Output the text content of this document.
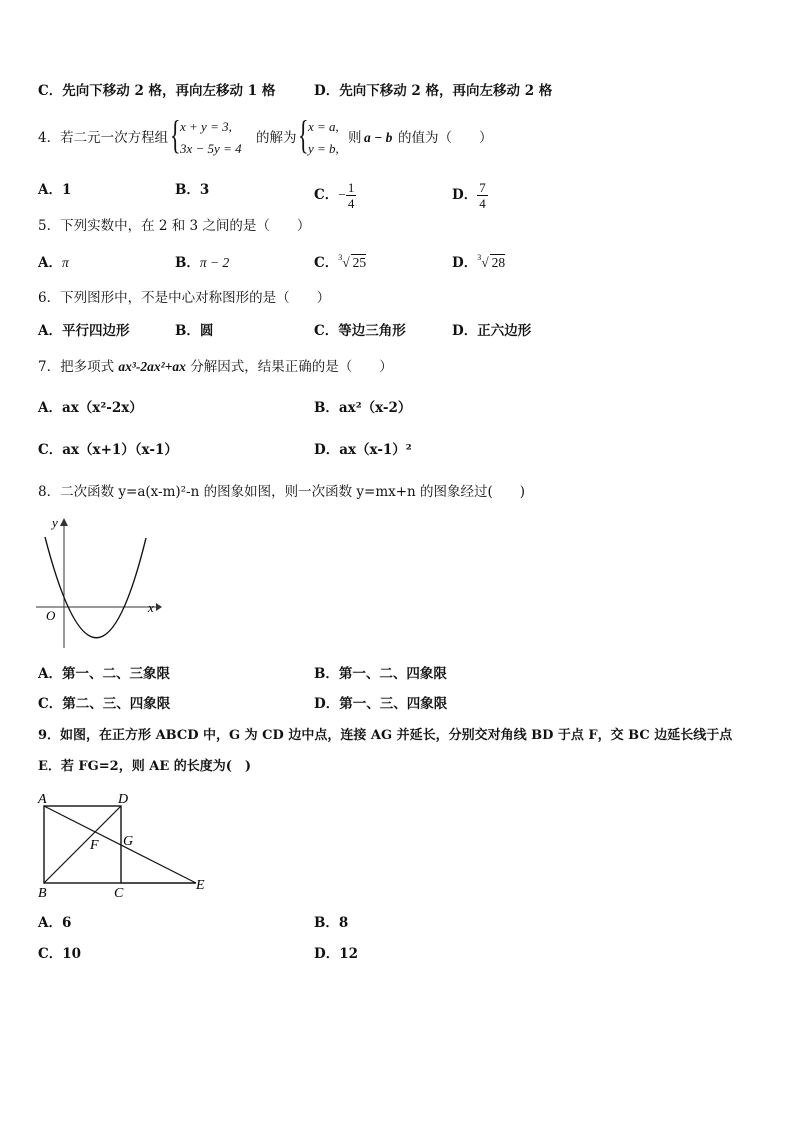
C．先向下移动 2 格，再向左移动 1 格	D．先向下移动 2 格，再向左移动 2 格
4．若二元一次方程组 { x + y = 3,
3x − 5y = 4
的解为 { x = a,
y = b,
则 a − b 的值为（　　）
A．1	B．3	C．− $\frac{1}{4}$	D． $\frac{7}{4}$
5．下列实数中，在 2 和 3 之间的是（　　）
A．π	B．π − 2	C．$^3$√ 25	D．$^3$√ 28
6．下列图形中，不是中心对称图形的是（　　）
A．平行四边形	B．圆	C．等边三角形	D．正六边形
7．把多项式 ax³-2ax²+ax 分解因式，结果正确的是（　　）
A．ax（x²-2x）	B．ax²（x-2）
C．ax（x+1）（x-1）	D．ax（x-1）²
8．二次函数 y=a(x-m)²-n 的图象如图，则一次函数 y=mx+n 的图象经过(　　)
x
y
O
A．第一、二、三象限	B．第一、二、四象限
C．第二、三、四象限	D．第一、三、四象限
9．如图，在正方形 ABCD 中，G 为 CD 边中点，连接 AG 并延长，分别交对角线 BD 于点 F，交 BC 边延长线于点
E．若 FG=2，则 AE 的长度为(　)
A	D
G
F
B	C
E
A．6	B．8
C．10	D．12
